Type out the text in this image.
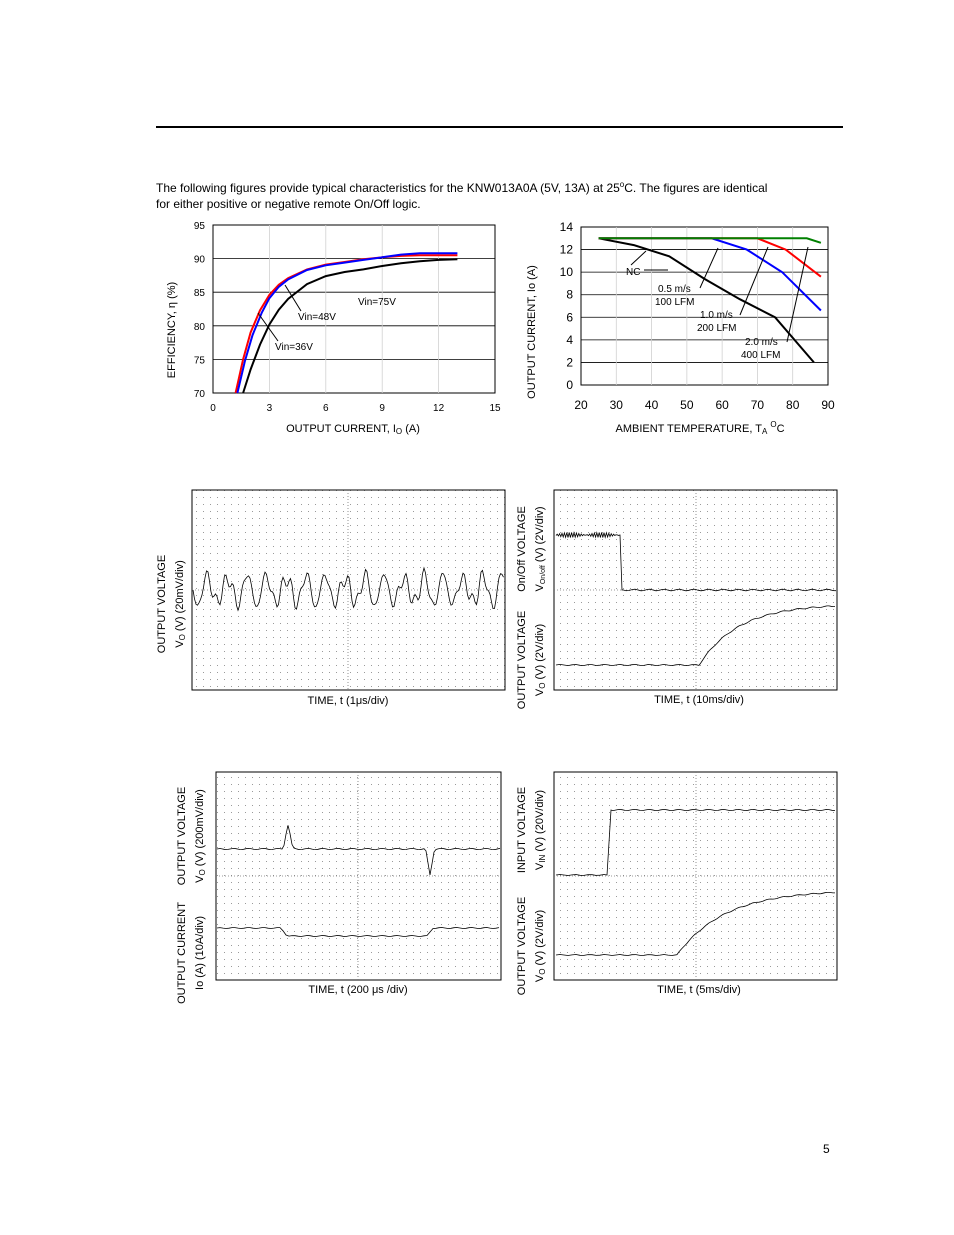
The following figures provide typical characteristics for the KNW013A0A (5V, 13A) at 25$^o$C. The figures are identical
for either positive or negative remote On/Off logic.
70
75
80
85
90
95
0	3	6	9	12	15
OUTPUT CURRENT, IO (A)
EFFICIENCY, η (%)	Vin=75V
Vin=48V
Vin=36V
0
2
4
6
8
10
12
14
20 30 40 50 60 70 80 90
AMBIENT TEMPERATURE, $TA^OC$
OUTPUT CURRENT, Io (A)	NC
0.5 m/s
100 LFM
1.0 m/s
200 LFM
2.0 m/s
400 LFM
TIME, t (1μs/div)
OUTPUT VOLTAGE VO (V) (20mV/div)
TIME, t (10ms/div)
On/Off VOLTAGE VOn/off (V) (2V/div)
OUTPUT VOLTAGE VO (V) (2V/div)
TIME, t (200 μs /div)
OUTPUT VOLTAGE VO (V) (200mV/div)
OUTPUT CURRENT Io (A) (10A/div)
TIME, t (5ms/div)
INPUT VOLTAGE VIN (V) (20V/div)
OUTPUT VOLTAGE VO (V) (2V/div)
5
